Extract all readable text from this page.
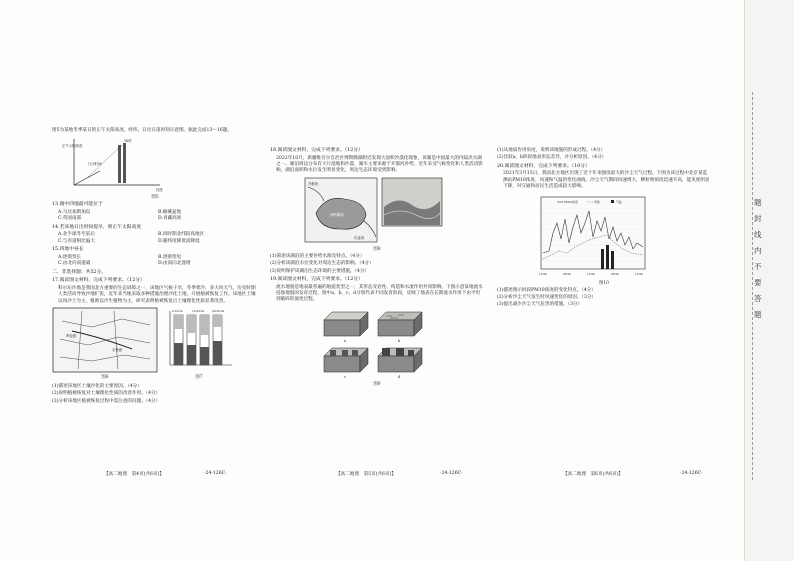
题
封
线
内
不
要
答
题

图5为某地冬季某日的正午太阳高度、经纬、日出日落时刻示意图。据此完成13～16题。

正午太阳高度
日出时间
16时
经度
图5

13.图中四地最可能位于

A.马达加斯加岛	B.楠溪盆地
C.英国南部	D.青藏高原

14.若该地日出时间提早，则正午太阳高度

A.北半球冬至前后	B.同时期北纬较高地区
C.与赤道相比偏大	D.随纬度降低而降低

15.四地中昼长

A.逐渐变长	B.逐渐变短
C.由北向南递减	D.由南向北递增

二、非选择题：共52分。

17.阅读图文材料，完成下列要求。（12分）

科尔沁沙地是我国北方重要的生态屏障之一，该地区气候干旱，冬季寒冷，多大风天气。历史时期人类活动导致沙地扩张，近年来当地采取多种措施治理沙化土地，开展植被恢复工作。该地区土壤以风沙土为主，植被以沙生植物为主，研究表明植被恢复后土壤理化性质显著改善。

库伦旗
奈曼旗
图6
0-10cm	10-20cm	20-30cm
图7

(1)描述该地区土壤沙化的主要原因。（4分）

(2)说明植被恢复对土壤理化性质的改善作用。（4分）

(3)分析该地区植被恢复过程中需注意的问题。（4分）

【高二地理　第4页(共6页)】	·24-126C·

18.阅读图文材料，完成下列要求。（12分）

2022年10月，新疆维吾尔自治区博斯腾湖附近发现大面积沙漠化现象，该湖是中国最大的内陆淡水湖之一。湖泊周边分布有大片湿地和沙漠，湖水主要来源于开都河补给，近年来受气候变化和人类活动影响，湖泊面积和水位发生明显变化，周边生态环境受到影响。

开都河
博斯腾湖
孔雀河
图8

(1)简述该湖泊的主要补给水源及特点。（4分）

(2)分析该湖泊水位变化对周边生态的影响。（4分）

(3)说明保护该湖泊生态环境的主要措施。（4分）

19.阅读图文材料，完成下列要求。（12分）

流水地貌是地表最普遍的地貌类型之一，其形态受岩性、构造和水流作用共同影响。下图示意某地流水侵蚀地貌的发育过程，图中a、b、c、d分别代表不同发育阶段，反映了地表在长期流水作用下由平坦到破碎的演变过程。

a	b
c	d
图9
【高二地理　第5页(共6页)】	·24-126C·

(1)从地质作用角度，说明该地貌的形成过程。（4分）

(2)比较a、b阶段地表形态差异，并分析原因。（4分）

20.阅读图文材料，完成下列要求。（10分）

2021年3月15日，我国北方地区出现了近十年来强度最大的沙尘天气过程，下图为该过程中北京某监测站PM10浓度、风速和气温的变化曲线，沙尘天气期间风速增大，颗粒物浓度迅速升高，能见度明显下降，对交通和居民生活造成较大影响。

PM10浓度	风速	气温
12:00	00:00	12:00	00:00	12:00
图10

(1)描述图示时段PM10浓度的变化特点。（4分）

(2)分析沙尘天气发生时风速变化的原因。（3分）

(3)提出减少沙尘天气危害的措施。（3分）

【高二地理　第6页(共6页)】	·24-126C·
